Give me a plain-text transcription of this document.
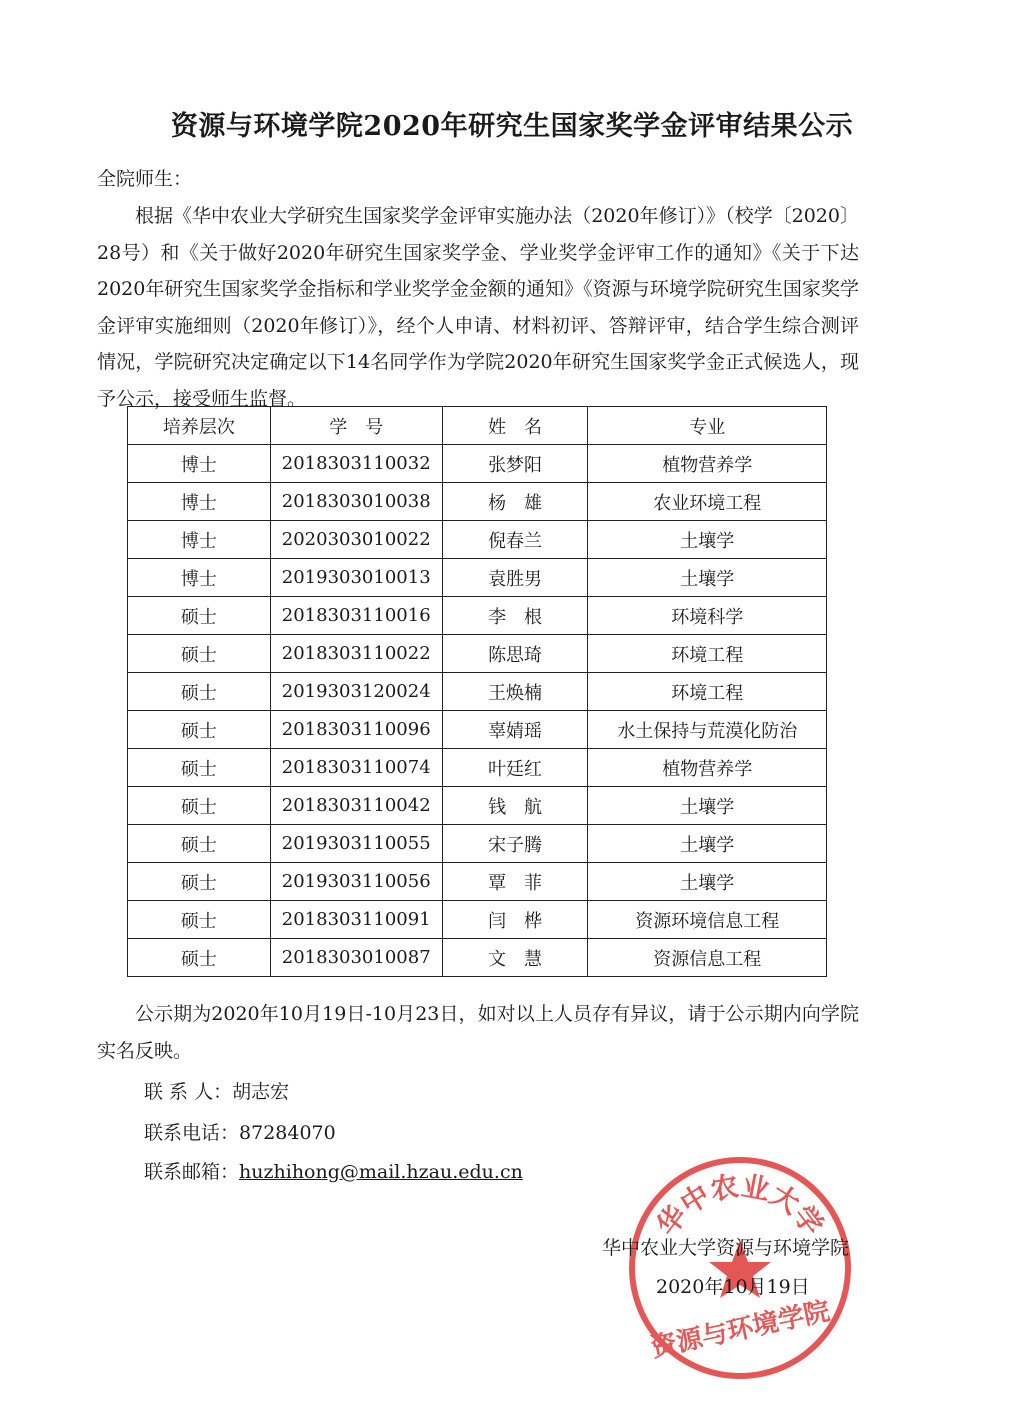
资源与环境学院2020年研究生国家奖学金评审结果公示
全院师生：

根据《华中农业大学研究生国家奖学金评审实施办法（2020年修订）》（校学〔2020〕28号）和《关于做好2020年研究生国家奖学金、学业奖学金评审工作的通知》《关于下达2020年研究生国家奖学金指标和学业奖学金金额的通知》《资源与环境学院研究生国家奖学金评审实施细则（2020年修订）》，经个人申请、材料初评、答辩评审，结合学生综合测评情况，学院研究决定确定以下14名同学作为学院2020年研究生国家奖学金正式候选人，现予公示，接受师生监督。

培养层次	学　号	姓　名	专业
博士	2018303110032	张梦阳	植物营养学
博士	2018303010038	杨　雄	农业环境工程
博士	2020303010022	倪春兰	土壤学
博士	2019303010013	袁胜男	土壤学
硕士	2018303110016	李　根	环境科学
硕士	2018303110022	陈思琦	环境工程
硕士	2019303120024	王焕楠	环境工程
硕士	2018303110096	辜婧瑶	水土保持与荒漠化防治
硕士	2018303110074	叶廷红	植物营养学
硕士	2018303110042	钱　航	土壤学
硕士	2019303110055	宋子腾	土壤学
硕士	2019303110056	覃　菲	土壤学
硕士	2018303110091	闫　桦	资源环境信息工程
硕士	2018303010087	文　慧	资源信息工程

公示期为2020年10月19日-10月23日，如对以上人员存有异议，请于公示期内向学院实名反映。

联 系 人：胡志宏
联系电话：87284070
联系邮箱：huzhihong@mail.hzau.edu.cn
华中农业大学
资源与环境学院
华中农业大学资源与环境学院
2020年10月19日
